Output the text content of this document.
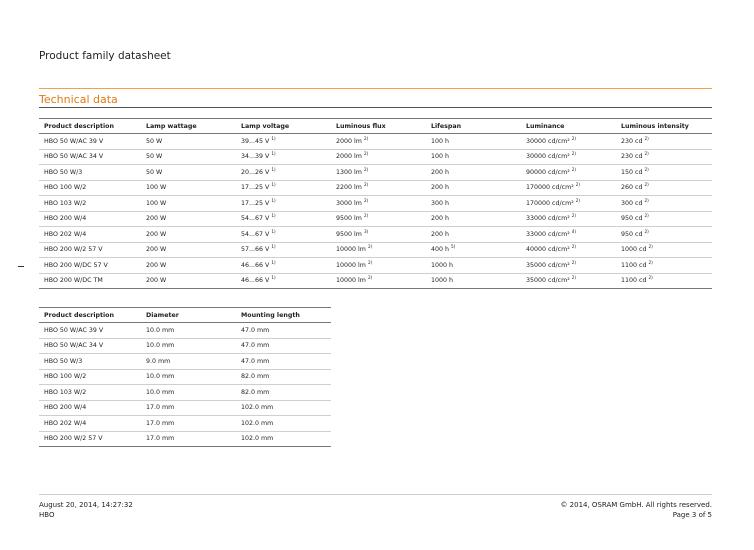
Product family datasheet
Technical data
Product description	Lamp wattage	Lamp voltage	Luminous flux	Lifespan	Luminance	Luminous intensity
HBO 50 W/AC 39 V	50 W	39...45 V $^{1)}$	2000 lm $^{2)}$	100 h	30000 cd/cm² $^{2)}$	230 cd $^{2)}$
HBO 50 W/AC 34 V	50 W	34...39 V $^{1)}$	2000 lm $^{2)}$	100 h	30000 cd/cm² $^{2)}$	230 cd $^{2)}$
HBO 50 W/3	50 W	20...26 V $^{1)}$	1300 lm $^{2)}$	200 h	90000 cd/cm² $^{2)}$	150 cd $^{2)}$
HBO 100 W/2	100 W	17...25 V $^{1)}$	2200 lm $^{2)}$	200 h	170000 cd/cm² $^{2)}$	260 cd $^{2)}$
HBO 103 W/2	100 W	17...25 V $^{1)}$	3000 lm $^{2)}$	300 h	170000 cd/cm² $^{2)}$	300 cd $^{2)}$
HBO 200 W/4	200 W	54...67 V $^{1)}$	9500 lm $^{2)}$	200 h	33000 cd/cm² $^{2)}$	950 cd $^{2)}$
HBO 202 W/4	200 W	54...67 V $^{1)}$	9500 lm $^{3)}$	200 h	33000 cd/cm² $^{4)}$	950 cd $^{2)}$
HBO 200 W/2 57 V	200 W	57...66 V $^{1)}$	10000 lm $^{2)}$	400 h $^{5)}$	40000 cd/cm² $^{2)}$	1000 cd $^{2)}$
HBO 200 W/DC 57 V	200 W	46...66 V $^{1)}$	10000 lm $^{2)}$	1000 h	35000 cd/cm² $^{2)}$	1100 cd $^{2)}$
HBO 200 W/DC TM	200 W	46...66 V $^{1)}$	10000 lm $^{2)}$	1000 h	35000 cd/cm² $^{2)}$	1100 cd $^{2)}$
Product description	Diameter	Mounting length
HBO 50 W/AC 39 V	10.0 mm	47.0 mm
HBO 50 W/AC 34 V	10.0 mm	47.0 mm
HBO 50 W/3	9.0 mm	47.0 mm
HBO 100 W/2	10.0 mm	82.0 mm
HBO 103 W/2	10.0 mm	82.0 mm
HBO 200 W/4	17.0 mm	102.0 mm
HBO 202 W/4	17.0 mm	102.0 mm
HBO 200 W/2 57 V	17.0 mm	102.0 mm
August 20, 2014, 14:27:32
HBO
© 2014, OSRAM GmbH. All rights reserved.
Page 3 of 5
